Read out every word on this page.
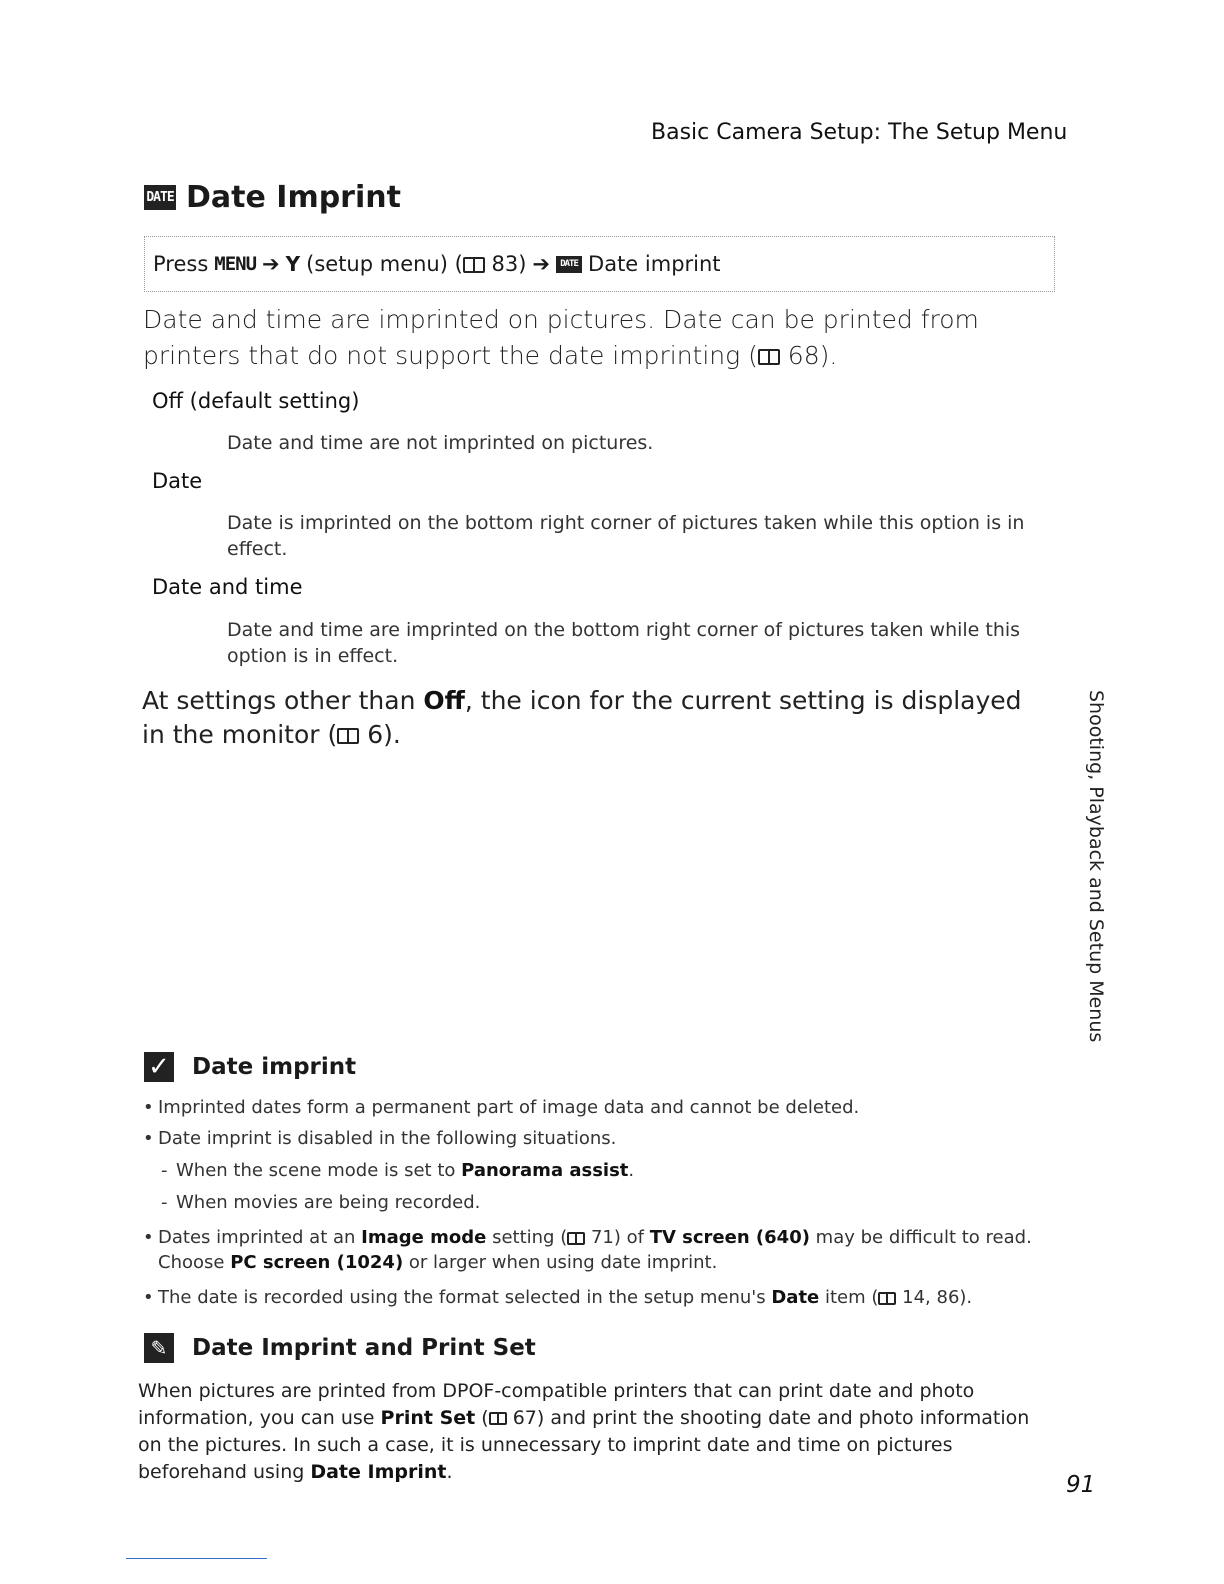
Basic Camera Setup: The Setup Menu
DATE Date Imprint
Press MENU ➔ Y (setup menu) ( 83) ➔	DATE Date imprint
Date and time are imprinted on pictures. Date can be printed from printers that do not support the date imprinting ( 68).
Off (default setting)
Date and time are not imprinted on pictures.
Date
Date is imprinted on the bottom right corner of pictures taken while this option is in effect.
Date and time
Date and time are imprinted on the bottom right corner of pictures taken while this option is in effect.
At settings other than Off, the icon for the current setting is displayed in the monitor ( 6).	Shooting, Playback and Setup Menus
✓ Date imprint
• Imprinted dates form a permanent part of image data and cannot be deleted.
• Date imprint is disabled in the following situations.
- When the scene mode is set to Panorama assist.
- When movies are being recorded.
• Dates imprinted at an Image mode setting ( 71) of TV screen (640) may be difficult to read.
Choose PC screen (1024) or larger when using date imprint.
• The date is recorded using the format selected in the setup menu's Date item ( 14, 86).
✎ Date Imprint and Print Set
When pictures are printed from DPOF-compatible printers that can print date and photo information, you can use Print Set ( 67) and print the shooting date and photo information on the pictures. In such a case, it is unnecessary to imprint date and time on pictures beforehand using Date Imprint.	91
